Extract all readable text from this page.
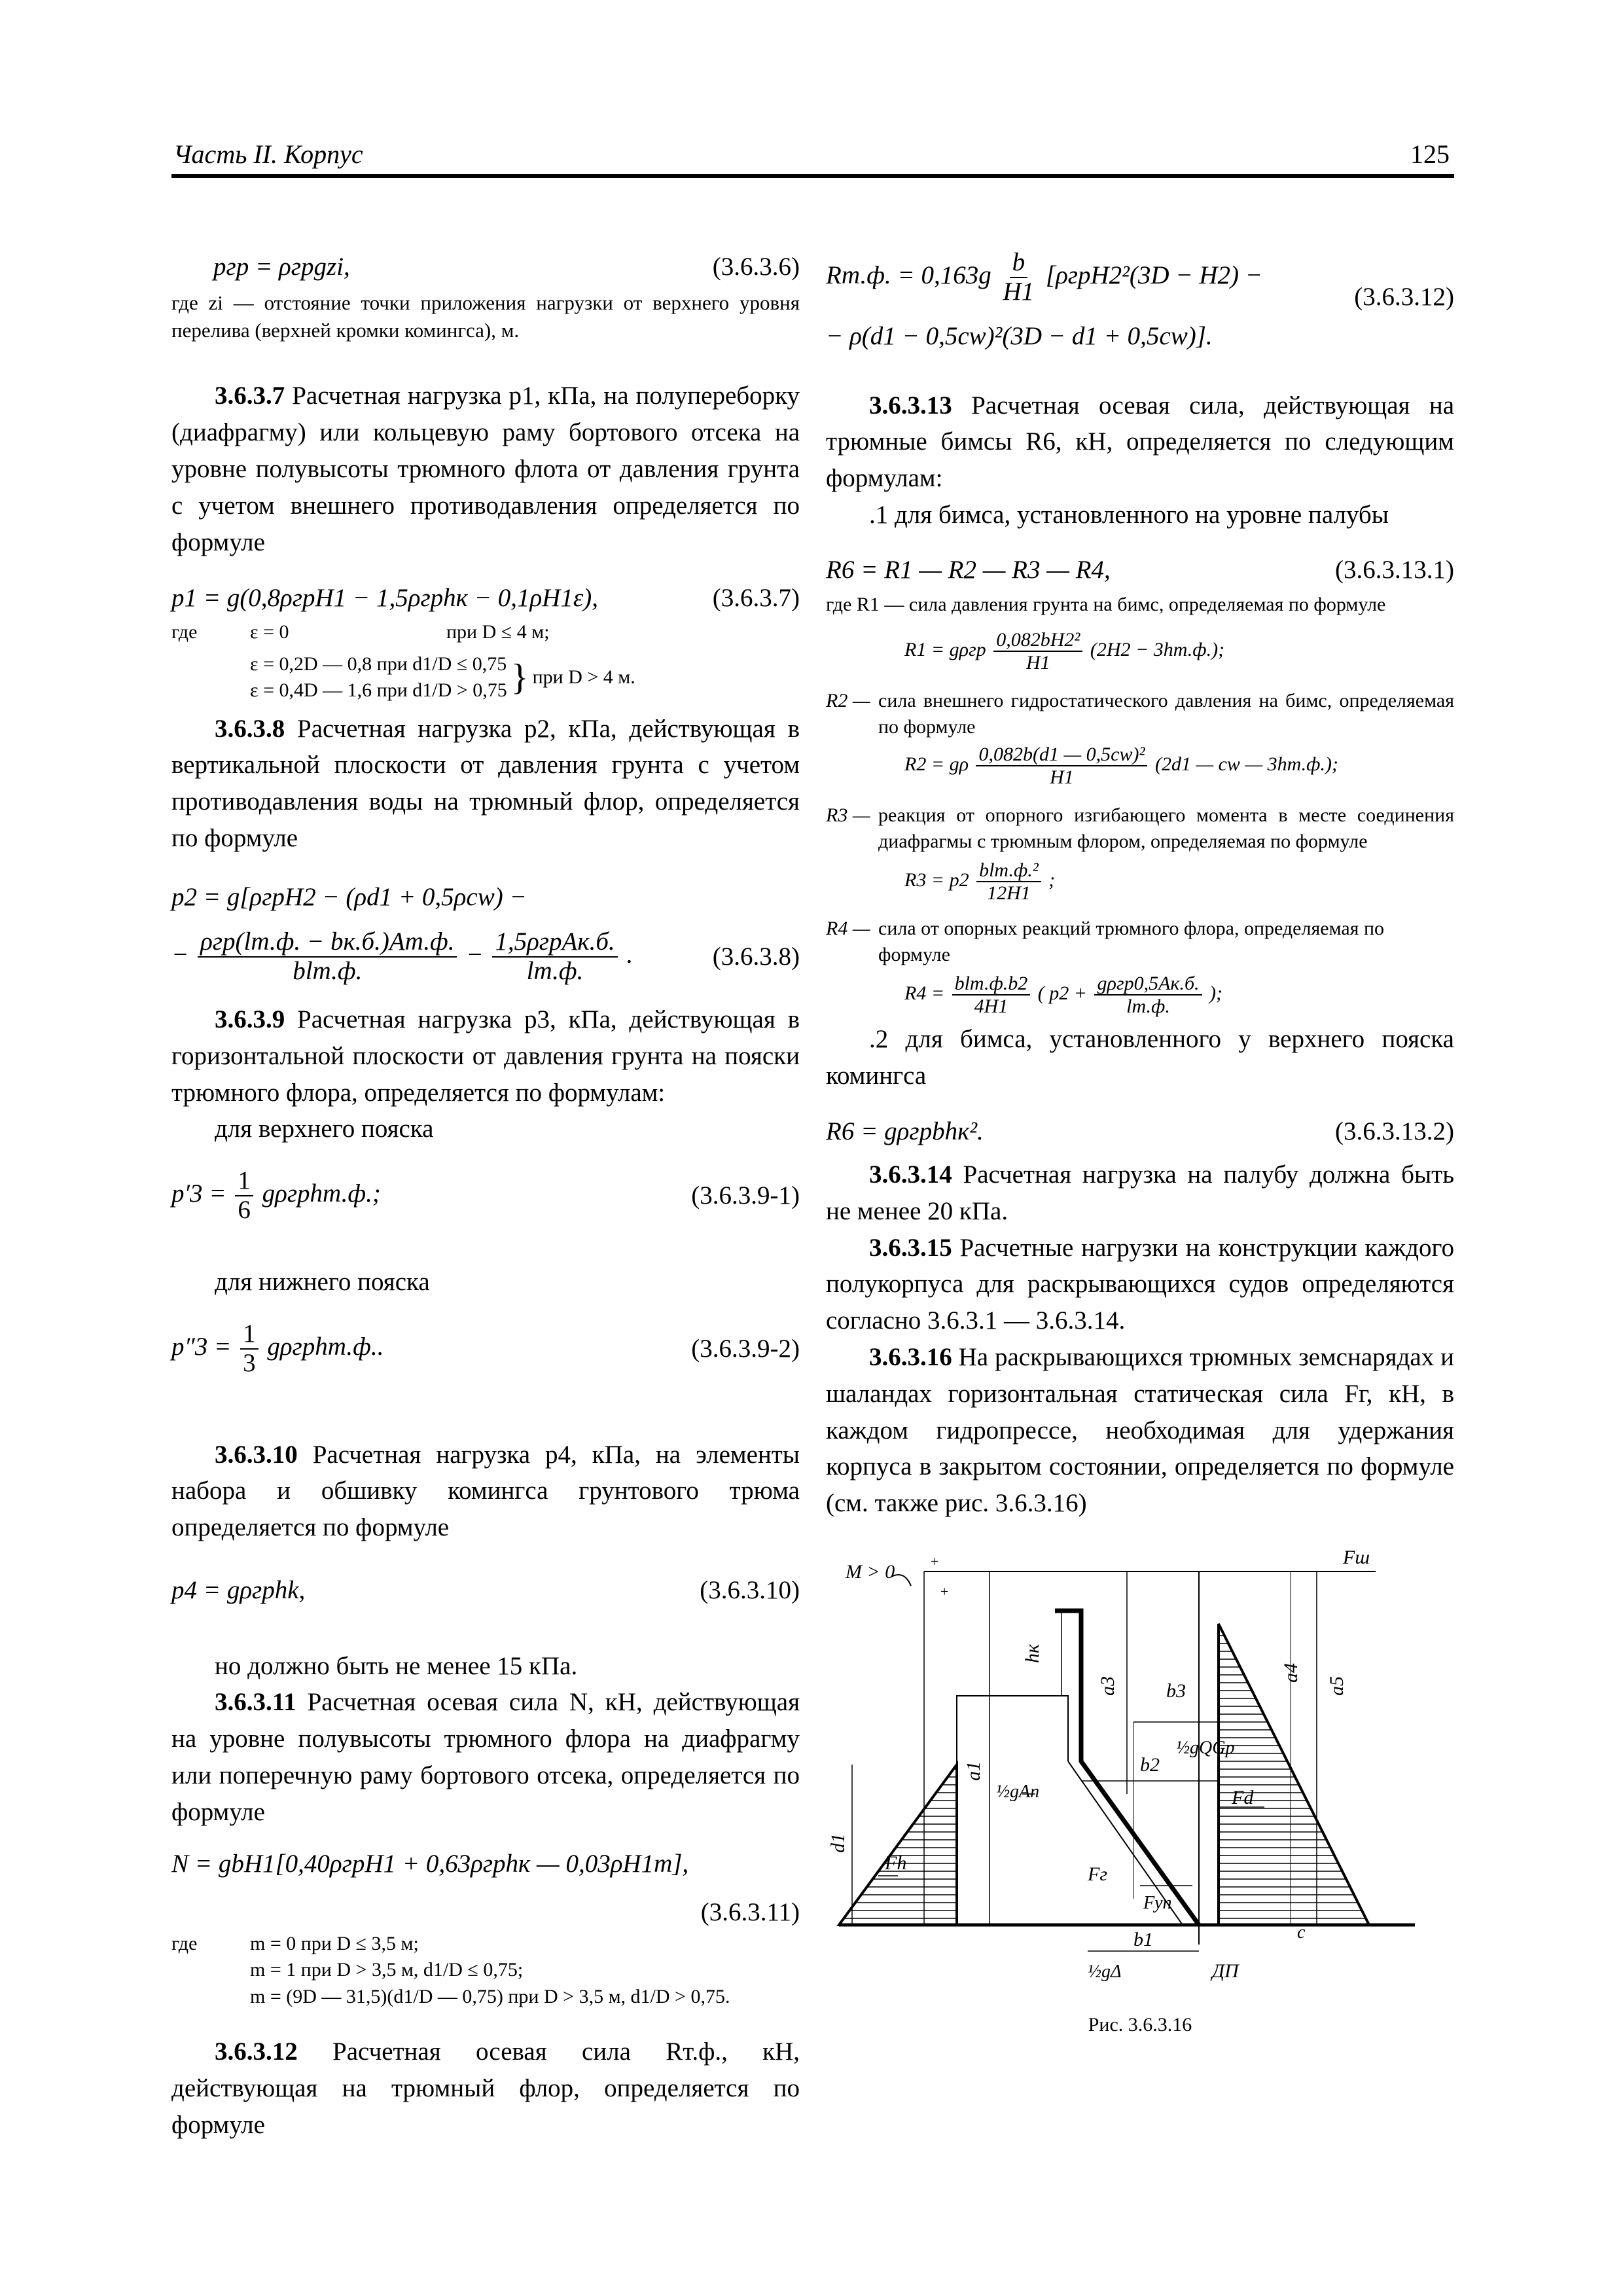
Часть II. Корпус	125
pгр = ρгрgzi,	(3.6.3.6)

где zi — отстояние точки приложения нагрузки от верхнего уровня перелива (верхней кромки комингса), м.

3.6.3.7 Расчетная нагрузка p1, кПа, на полупереборку (диафрагму) или кольцевую раму бортового отсека на уровне полувысоты трюмного флота от давления грунта с учетом внешнего противодавления определяется по формуле

p1 = g(0,8ρгрH1 − 1,5ρгрhк − 0,1ρH1ε),	(3.6.3.7)
где	ε = 0	при D ≤ 4 м;
ε = 0,2D — 0,8 при d1/D ≤ 0,75
ε = 0,4D — 1,6 при d1/D > 0,75 } при D > 4 м.

3.6.3.8 Расчетная нагрузка p2, кПа, действующая в вертикальной плоскости от давления грунта с учетом противодавления воды на трюмный флор, определяется по формуле

p2 = g[ρгрH2 − (ρd1 + 0,5ρcw) −
− $\frac{\text{ρгр(lт.ф. − bк.б.)Aт.ф.}}{\text{blт.ф.}} - \frac{\text{1,5ρгрAк.б.}}{lт.ф.}$ .	(3.6.3.8)

3.6.3.9 Расчетная нагрузка p3, кПа, действующая в горизонтальной плоскости от давления грунта на пояски трюмного флора, определяется по формулам:

для верхнего пояска

$p'3 = \frac{1}{6}$ gρгрhт.ф.;	(3.6.3.9-1)

для нижнего пояска

$p''3 = \frac{1}{3}$ gρгрhт.ф..	(3.6.3.9-2)

3.6.3.10 Расчетная нагрузка p4, кПа, на элементы набора и обшивку комингса грунтового трюма определяется по формуле

p4 = gρгрhk,	(3.6.3.10)

но должно быть не менее 15 кПа.

3.6.3.11 Расчетная осевая сила N, кН, действующая на уровне полувысоты трюмного флора на диафрагму или поперечную раму бортового отсека, определяется по формуле

N = gbH1[0,40ρгрH1 + 0,63ρгрhк — 0,03ρH1m],
(3.6.3.11)
где	m = 0 при D ≤ 3,5 м;
m = 1 при D > 3,5 м, d1/D ≤ 0,75;
m = (9D — 31,5)(d1/D — 0,75) при D > 3,5 м, d1/D > 0,75.

3.6.3.12 Расчетная осевая сила Rт.ф., кН, действующая на трюмный флор, определяется по формуле

Rт.ф. = $0,163g \frac{b}{H1} [\rho грH2^2(3D - H2)$ −
− ρ(d1 − 0,5cw)²(3D − d1 + 0,5cw)].
(3.6.3.12)

3.6.3.13 Расчетная осевая сила, действующая на трюмные бимсы R6, кН, определяется по следующим формулам:

.1 для бимса, установленного на уровне палубы

R6 = R1 — R2 — R3 — R4,	(3.6.3.13.1)
где R1 — сила давления грунта на бимс, определяемая по формуле
R1 = gρгр $\frac{\text{0,082bH2²}}{H1} (2H2 - 3hт.ф.)$;
R2 — сила внешнего гидростатического давления на бимс, определяемая по формуле
R2 = gρ $\frac{\text{0,082b(d1 — 0,5cw)²}}{H1} (2d1$ — cw — 3hт.ф.);
R3 — реакция от опорного изгибающего момента в месте соединения диафрагмы с трюмным флором, определяемая по формуле
$R3 = p2 \frac{\text{blт.ф.²}}{12H1}$ ;
R4 — сила от опорных реакций трюмного флора, определяемая по формуле
$R4 = \frac{\text{blт.ф.b2}}{4H1}$ ( $p2 + \frac{\text{gρгр0,5Aк.б.}}{lт.ф.}$ );

.2 для бимса, установленного у верхнего пояска комингса

R6 = gρгрbhк².	(3.6.3.13.2)

3.6.3.14 Расчетная нагрузка на палубу должна быть не менее 20 кПа.

3.6.3.15 Расчетные нагрузки на конструкции каждого полукорпуса для раскрывающихся судов определяются согласно 3.6.3.1 — 3.6.3.14.

3.6.3.16 На раскрывающихся трюмных земснарядах и шаландах горизонтальная статическая сила Fг, кН, в каждом гидропрессе, необходимая для удержания корпуса в закрытом состоянии, определяется по формуле (см. также рис. 3.6.3.16)

M > 0 +
+
Fш
hк
a4
b3
a3	a5
½gQGp
b2
a1
½gAп	Fd
d1
Fг
Fh
Fуп
c
b1
½gΔ	ДП
Рис. 3.6.3.16
